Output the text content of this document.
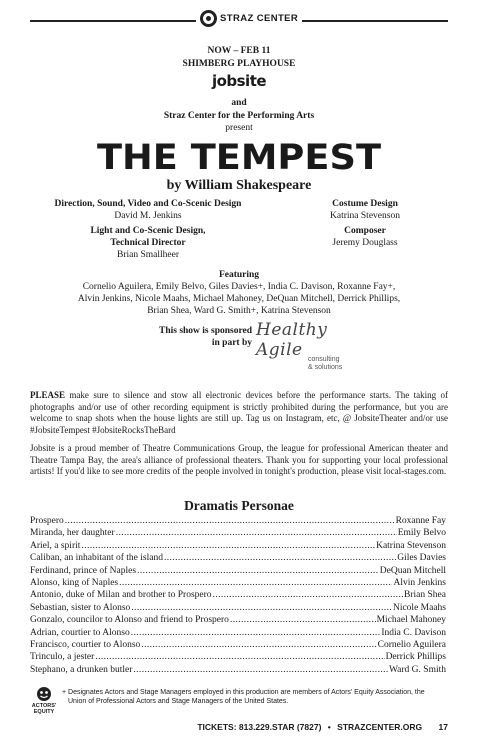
STRAZ CENTER
NOW – FEB 11
SHIMBERG PLAYHOUSE
jobsite
and
Straz Center for the Performing Arts
present
THE TEMPEST
by William Shakespeare
Direction, Sound, Video and Co-Scenic Design
David M. Jenkins
Light and Co-Scenic Design,
Technical Director
Brian Smallheer
Costume Design
Katrina Stevenson
Composer
Jeremy Douglass
Featuring
Cornelio Aguilera, Emily Belvo, Giles Davies+, India C. Davison, Roxanne Fay+,
Alvin Jenkins, Nicole Maahs, Michael Mahoney, DeQuan Mitchell, Derrick Phillips,
Brian Shea, Ward G. Smith+, Katrina Stevenson
This show is sponsored
in part by
Healthy Agile consulting
& solutions
PLEASE make sure to silence and stow all electronic devices before the performance starts. The taking of photographs and/or use of other recording equipment is strictly prohibited during the performance, but you are welcome to snap shots when the house lights are still up. Tag us on Instagram, etc, @ JobsiteTheater and/or use #JobsiteTempest #JobsiteRocksTheBard
Jobsite is a proud member of Theatre Communications Group, the league for professional American theater and Theatre Tampa Bay, the area's alliance of professional theaters. Thank you for supporting your local professional artists! If you'd like to see more credits of the people involved in tonight's production, please visit local-stages.com.
Dramatis Personae
Prospero .....	Roxanne Fay
Miranda, her daughter .....	Emily Belvo
Ariel, a spirit .....	Katrina Stevenson
Caliban, an inhabitant of the island .....	Giles Davies
Ferdinand, prince of Naples .....	DeQuan Mitchell
Alonso, king of Naples .....	Alvin Jenkins
Antonio, duke of Milan and brother to Prospero .....	Brian Shea
Sebastian, sister to Alonso .....	Nicole Maahs
Gonzalo, councilor to Alonso and friend to Prospero .....	Michael Mahoney
Adrian, courtier to Alonso .....	India C. Davison
Francisco, courtier to Alonso .....	Cornelio Aguilera
Trinculo, a jester .....	Derrick Phillips
Stephano, a drunken butler .....	Ward G. Smith
ACTORS'
EQUITY
+ Designates Actors and Stage Managers employed in this production are members of Actors' Equity Association, the
Union of Professional Actors and Stage Managers of the United States.
TICKETS: 813.229.STAR (7827) • STRAZCENTER.ORG 17
